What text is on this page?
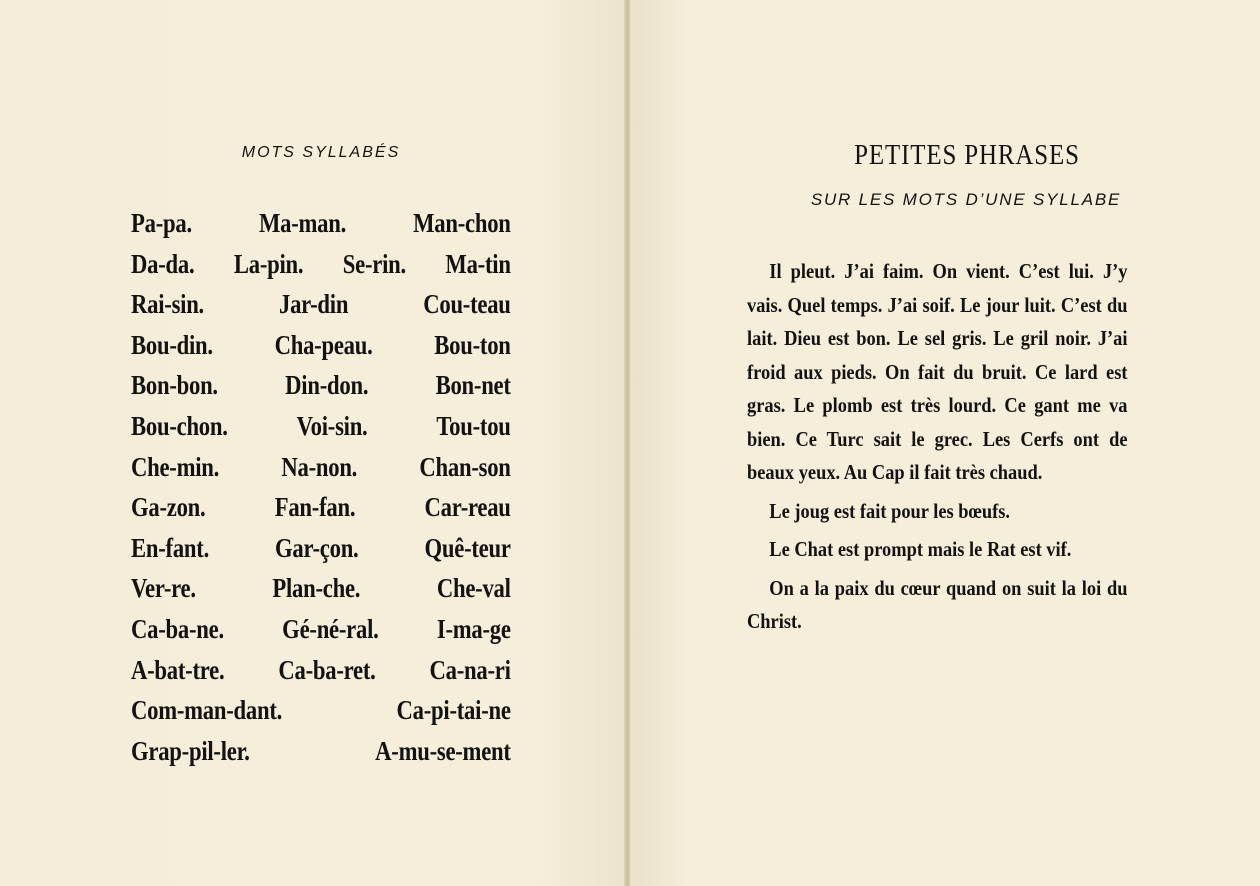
MOTS SYLLABÉS
Pa-pa. Ma-man. Man-chon
Da-da. La-pin. Se-rin. Ma-tin
Rai-sin.	Jar-din	Cou-teau
Bou-din. Cha-peau. Bou-ton
Bon-bon. Din-don. Bon-net
Bou-chon.	Voi-sin.	Tou-tou
Che-min. Na-non. Chan-son
Ga-zon.	Fan-fan.	Car-reau
En-fant. Gar-çon. Quê-teur
Ver-re.	Plan-che.	Che-val
Ca-ba-ne. Gé-né-ral. I-ma-ge
A-bat-tre. Ca-ba-ret. Ca-na-ri
Com-man-dant.	Ca-pi-tai-ne
Grap-pil-ler.	A-mu-se-ment
PETITES PHRASES
SUR LES MOTS D’UNE SYLLABE

Il pleut. J’ai faim. On vient. C’est lui. J’y vais. Quel temps. J’ai soif. Le jour luit. C’est du lait. Dieu est bon. Le sel gris. Le gril noir. J’ai froid aux pieds. On fait du bruit. Ce lard est gras. Le plomb est très lourd. Ce gant me va bien. Ce Turc sait le grec. Les Cerfs ont de beaux yeux. Au Cap il fait très chaud.

Le joug est fait pour les bœufs.

Le Chat est prompt mais le Rat est vif.

On a la paix du cœur quand on suit la loi du Christ.
